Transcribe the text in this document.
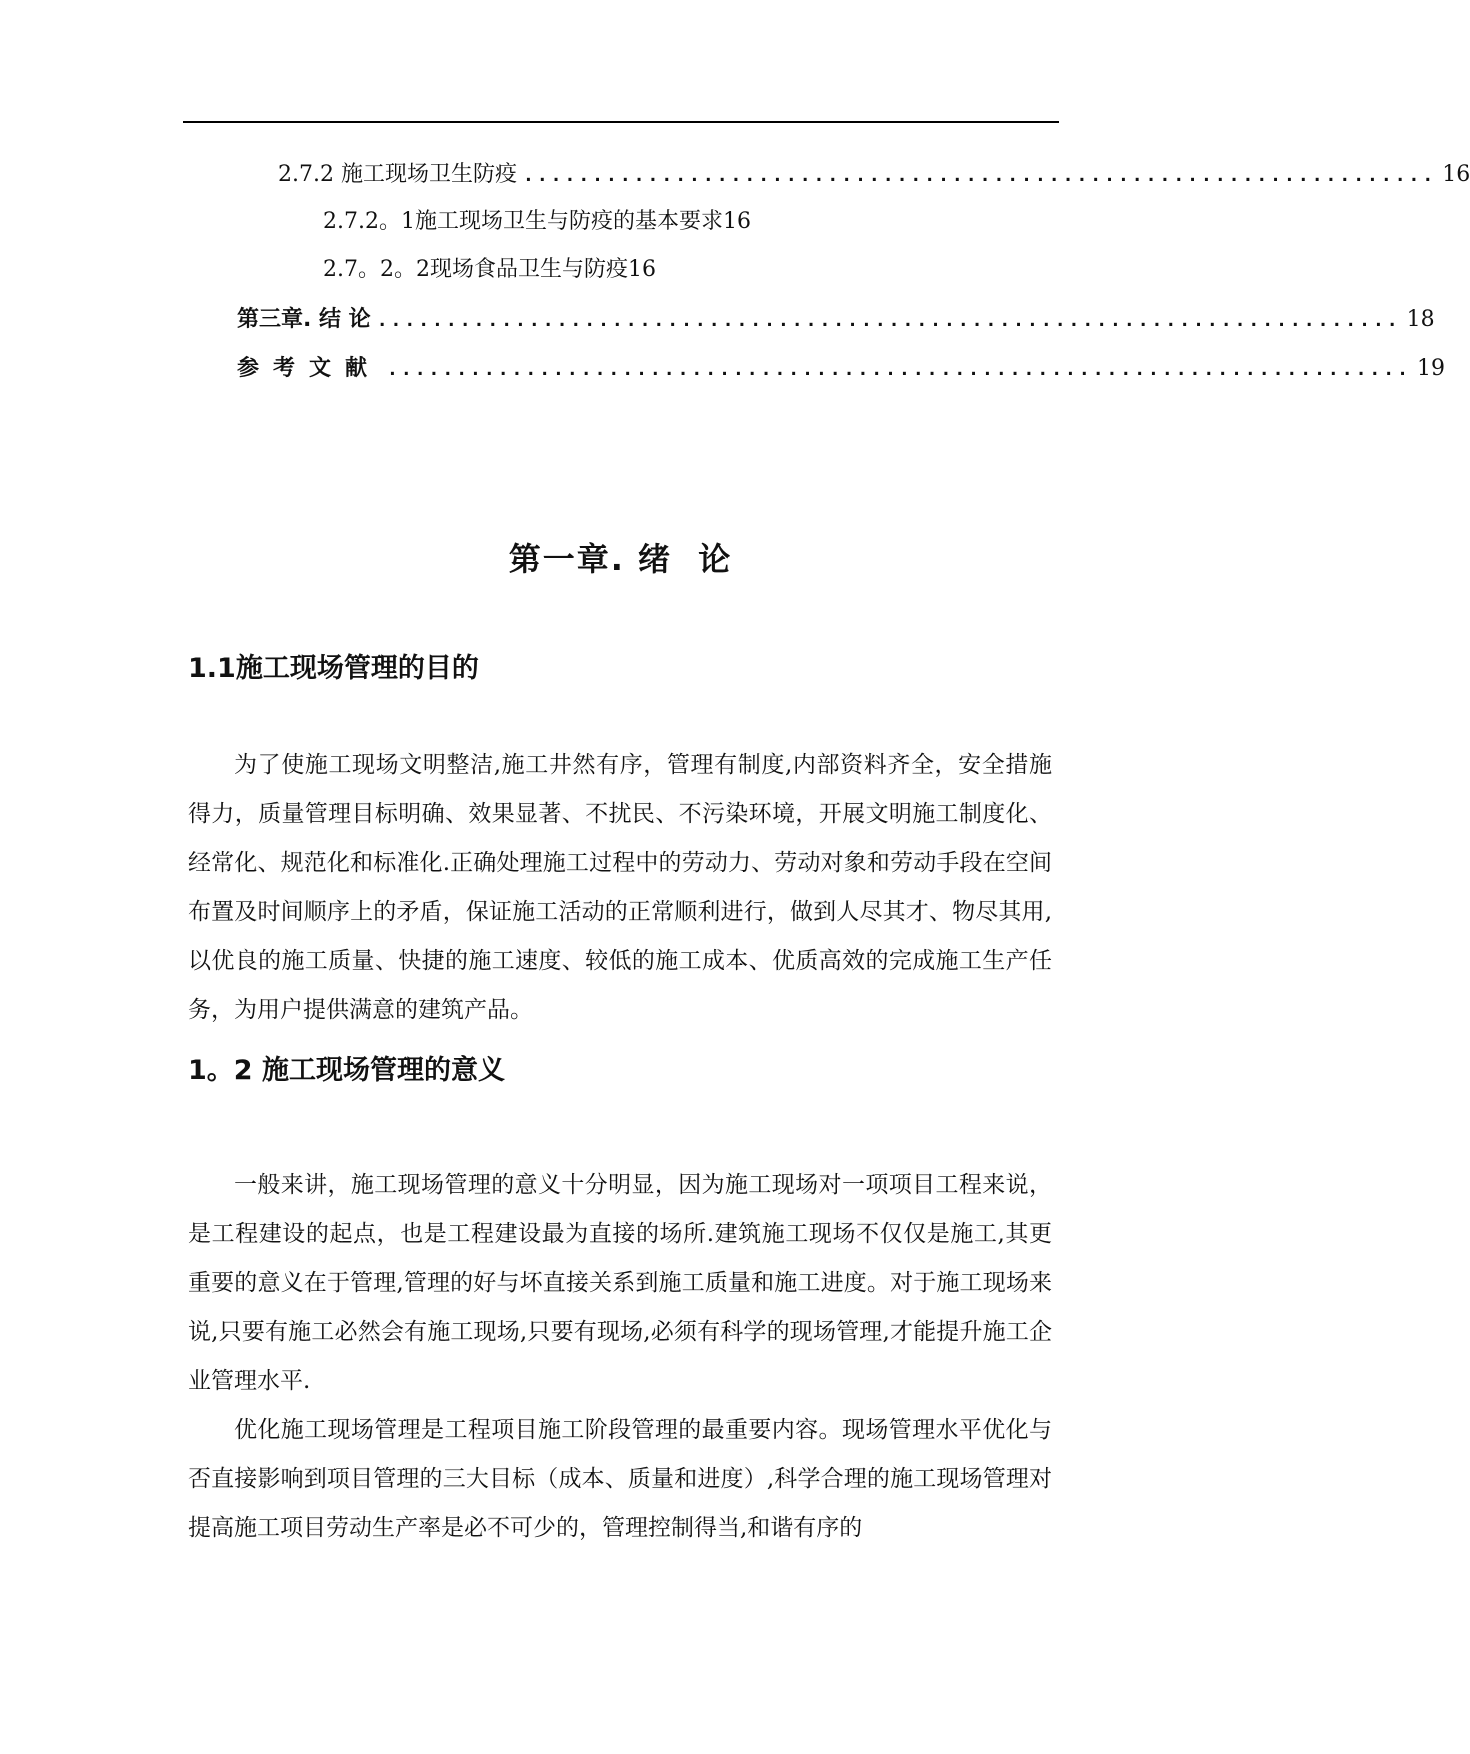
2.7.2 施工现场卫生防疫 .................................................................. 16
2.7.2。1施工现场卫生与防疫的基本要求16
2.7。2。2现场食品卫生与防疫16
第三章. 结 论 .......................................................................... 18
参考文献 .......................................................................... 19
第一章. 绪  论
1.1施工现场管理的目的
为了使施工现场文明整洁,施工井然有序，管理有制度,内部资料齐全，安全措施得力，质量管理目标明确、效果显著、不扰民、不污染环境，开展文明施工制度化、经常化、规范化和标准化.正确处理施工过程中的劳动力、劳动对象和劳动手段在空间布置及时间顺序上的矛盾，保证施工活动的正常顺利进行，做到人尽其才、物尽其用,以优良的施工质量、快捷的施工速度、较低的施工成本、优质高效的完成施工生产任务，为用户提供满意的建筑产品。
1。2 施工现场管理的意义
一般来讲，施工现场管理的意义十分明显，因为施工现场对一项项目工程来说，是工程建设的起点，也是工程建设最为直接的场所.建筑施工现场不仅仅是施工,其更重要的意义在于管理,管理的好与坏直接关系到施工质量和施工进度。对于施工现场来说,只要有施工必然会有施工现场,只要有现场,必须有科学的现场管理,才能提升施工企业管理水平.
优化施工现场管理是工程项目施工阶段管理的最重要内容。现场管理水平优化与否直接影响到项目管理的三大目标（成本、质量和进度）,科学合理的施工现场管理对提高施工项目劳动生产率是必不可少的，管理控制得当,和谐有序的
